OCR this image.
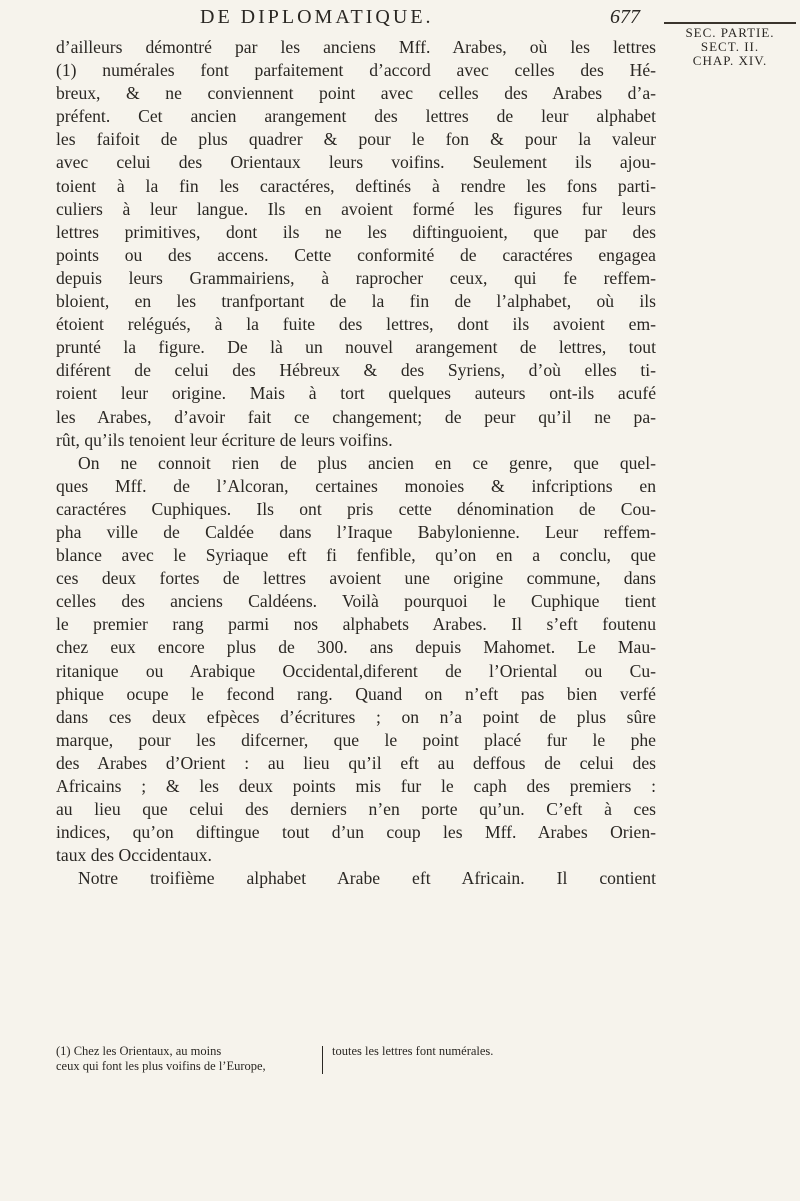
DE DIPLOMATIQUE.	677
SEC. PARTIE.
SECT. II.
CHAP. XIV.
d’ailleurs démontré par les anciens Mff. Arabes, où les lettres
(1) numérales font parfaitement d’accord avec celles des Hé-
breux, & ne conviennent point avec celles des Arabes d’a-
préfent. Cet ancien arangement des lettres de leur alphabet
les faifoit de plus quadrer & pour le fon & pour la valeur
avec celui des Orientaux leurs voifins. Seulement ils ajou-
toient à la fin les caractéres, deftinés à rendre les fons parti-
culiers à leur langue. Ils en avoient formé les figures fur leurs
lettres primitives, dont ils ne les diftinguoient, que par des
points ou des accens. Cette conformité de caractéres engagea
depuis leurs Grammairiens, à raprocher ceux, qui fe reffem-
bloient, en les tranfportant de la fin de l’alphabet, où ils
étoient relégués, à la fuite des lettres, dont ils avoient em-
prunté la figure. De là un nouvel arangement de lettres, tout
diférent de celui des Hébreux & des Syriens, d’où elles ti-
roient leur origine. Mais à tort quelques auteurs ont-ils acufé
les Arabes, d’avoir fait ce changement; de peur qu’il ne pa-
rût, qu’ils tenoient leur écriture de leurs voifins.
On ne connoit rien de plus ancien en ce genre, que quel-
ques Mff. de l’Alcoran, certaines monoies & infcriptions en
caractéres Cuphiques. Ils ont pris cette dénomination de Cou-
pha ville de Caldée dans l’Iraque Babylonienne. Leur reffem-
blance avec le Syriaque eft fi fenfible, qu’on en a conclu, que
ces deux fortes de lettres avoient une origine commune, dans
celles des anciens Caldéens. Voilà pourquoi le Cuphique tient
le premier rang parmi nos alphabets Arabes. Il s’eft foutenu
chez eux encore plus de 300. ans depuis Mahomet. Le Mau-
ritanique ou Arabique Occidental,diferent de l’Oriental ou Cu-
phique ocupe le fecond rang. Quand on n’eft pas bien verfé
dans ces deux efpèces d’écritures ; on n’a point de plus sûre
marque, pour les difcerner, que le point placé fur le phe
des Arabes d’Orient : au lieu qu’il eft au deffous de celui des
Africains ; & les deux points mis fur le caph des premiers :
au lieu que celui des derniers n’en porte qu’un. C’eft à ces
indices, qu’on diftingue tout d’un coup les Mff. Arabes Orien-
taux des Occidentaux.
Notre troifième alphabet Arabe eft Africain. Il contient
(1) Chez les Orientaux, au moins
ceux qui font les plus voifins de l’Europe,
toutes les lettres font numérales.
